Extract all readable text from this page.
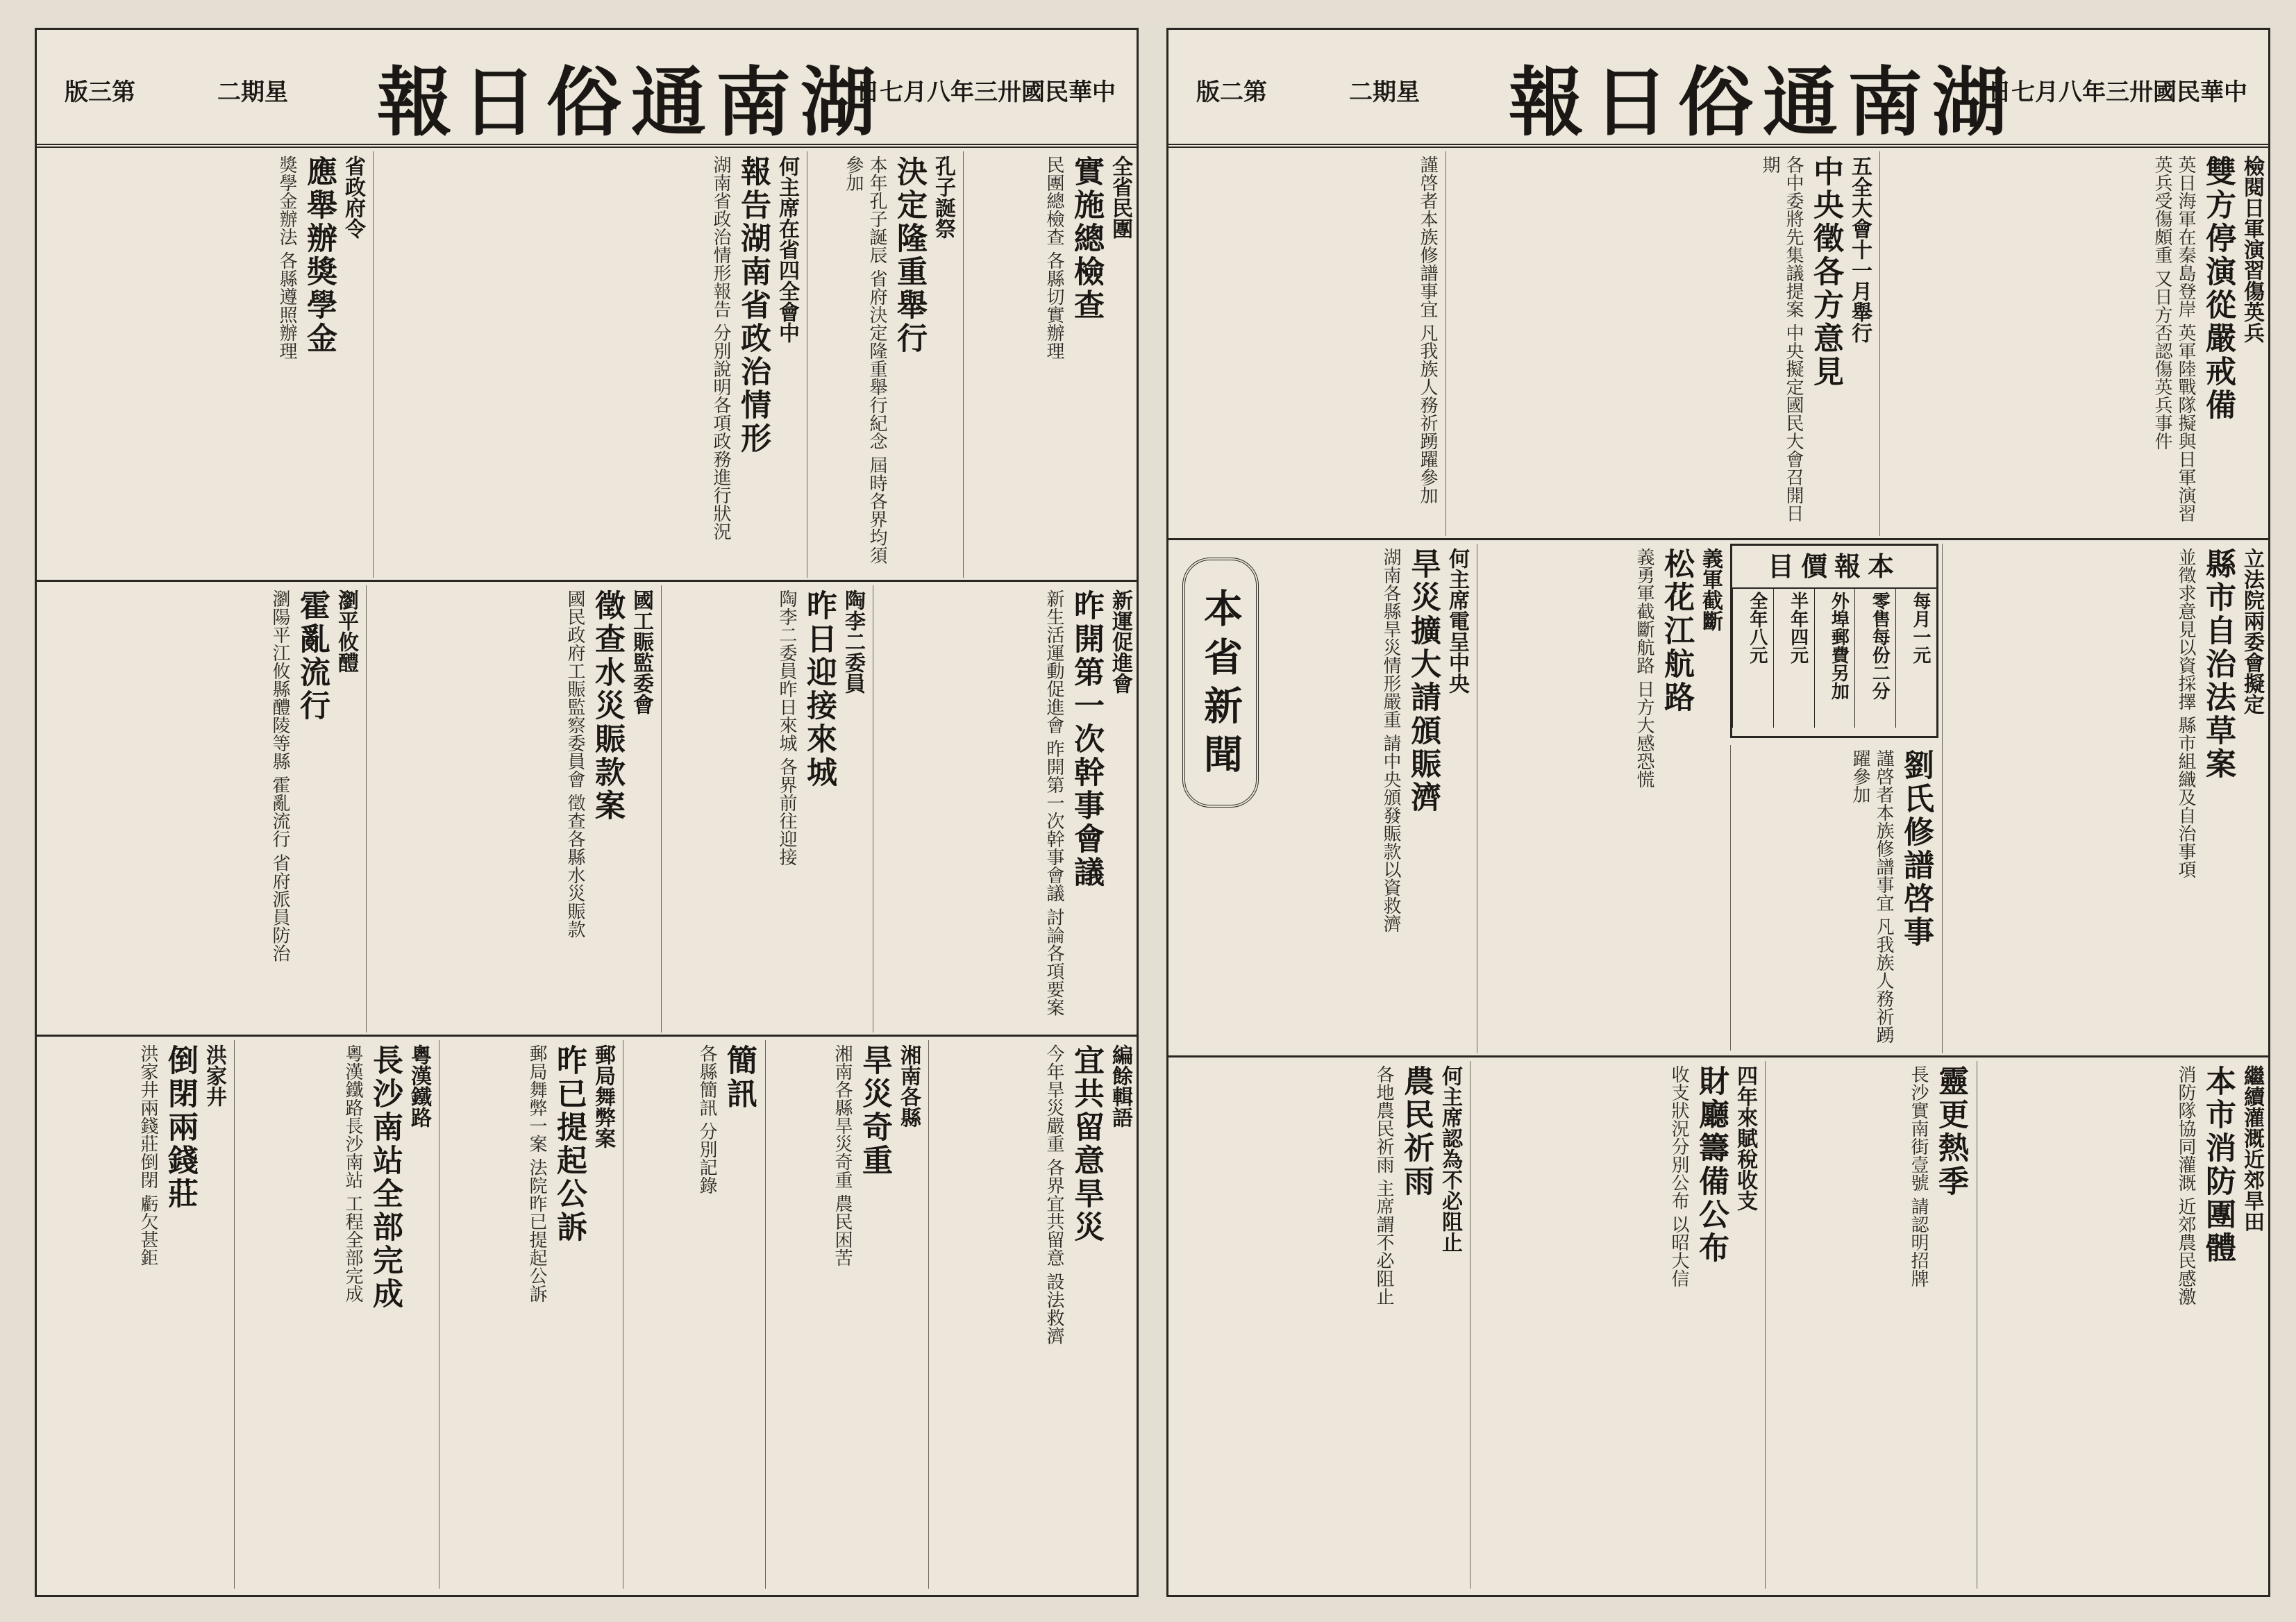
版三第	二期星 報日俗通南湖
日七月八年三卅國民華中
全省民團
實施總檢查
民團總檢查 各縣切實辦理
孔子誕祭
決定隆重舉行
本年孔子誕辰 省府決定隆重舉行紀念 屆時各界均須參加
何主席在省四全會中
報告湖南省政治情形
湖南省政治情形報告 分別說明各項政務進行狀況
省政府令
應舉辦獎學金
獎學金辦法 各縣遵照辦理
新運促進會
昨開第一次幹事會議
新生活運動促進會 昨開第一次幹事會議 討論各項要案
陶李二委員
昨日迎接來城
陶李二委員昨日來城 各界前往迎接
國工賑監委會
徵查水災賑款案
國民政府工賑監察委員會 徵查各縣水災賑款
瀏平攸醴
霍亂流行
瀏陽平江攸縣醴陵等縣 霍亂流行 省府派員防治
編餘輯語
宜共留意旱災
今年旱災嚴重 各界宜共留意 設法救濟
湘南各縣
旱災奇重
湘南各縣旱災奇重 農民困苦
簡訊
各縣簡訊 分別記錄
郵局舞弊案
昨已提起公訴
郵局舞弊一案 法院昨已提起公訴
粵漢鐵路
長沙南站全部完成
粵漢鐵路長沙南站 工程全部完成
洪家井
倒閉兩錢莊
洪家井兩錢莊倒閉 虧欠甚鉅
版二第	二期星 報日俗通南湖
日七月八年三卅國民華中
檢閱日軍演習傷英兵
雙方停演從嚴戒備
英日海軍在秦島登岸 英軍陸戰隊擬與日軍演習 英兵受傷頗重 又日方否認傷英兵事件
五全大會十一月舉行
中央徵各方意見
各中委將先集議提案 中央擬定國民大會召開日期
謹啓者本族修譜事宜 凡我族人務祈踴躍參加
立法院兩委會擬定
縣市自治法草案
並徵求意見以資採擇 縣市組織及自治事項
目價報本
每月一元
零售每份二分
外埠郵費另加
半年四元
全年八元
劉氏修譜啓事
謹啓者本族修譜事宜 凡我族人務祈踴躍參加
義軍截斷
松花江航路
義勇軍截斷航路 日方大感恐慌
何主席電呈中央
旱災擴大請頒賑濟
湖南各縣旱災情形嚴重 請中央頒發賑款以資救濟
本省新聞
繼續灌溉近郊旱田
本市消防團體
消防隊協同灌溉 近郊農民感激
靈更熱季
長沙實南街壹號 請認明招牌
四年來賦稅收支
財廳籌備公布
收支狀況分別公布 以昭大信
何主席認為不必阻止
農民祈雨
各地農民祈雨 主席謂不必阻止
